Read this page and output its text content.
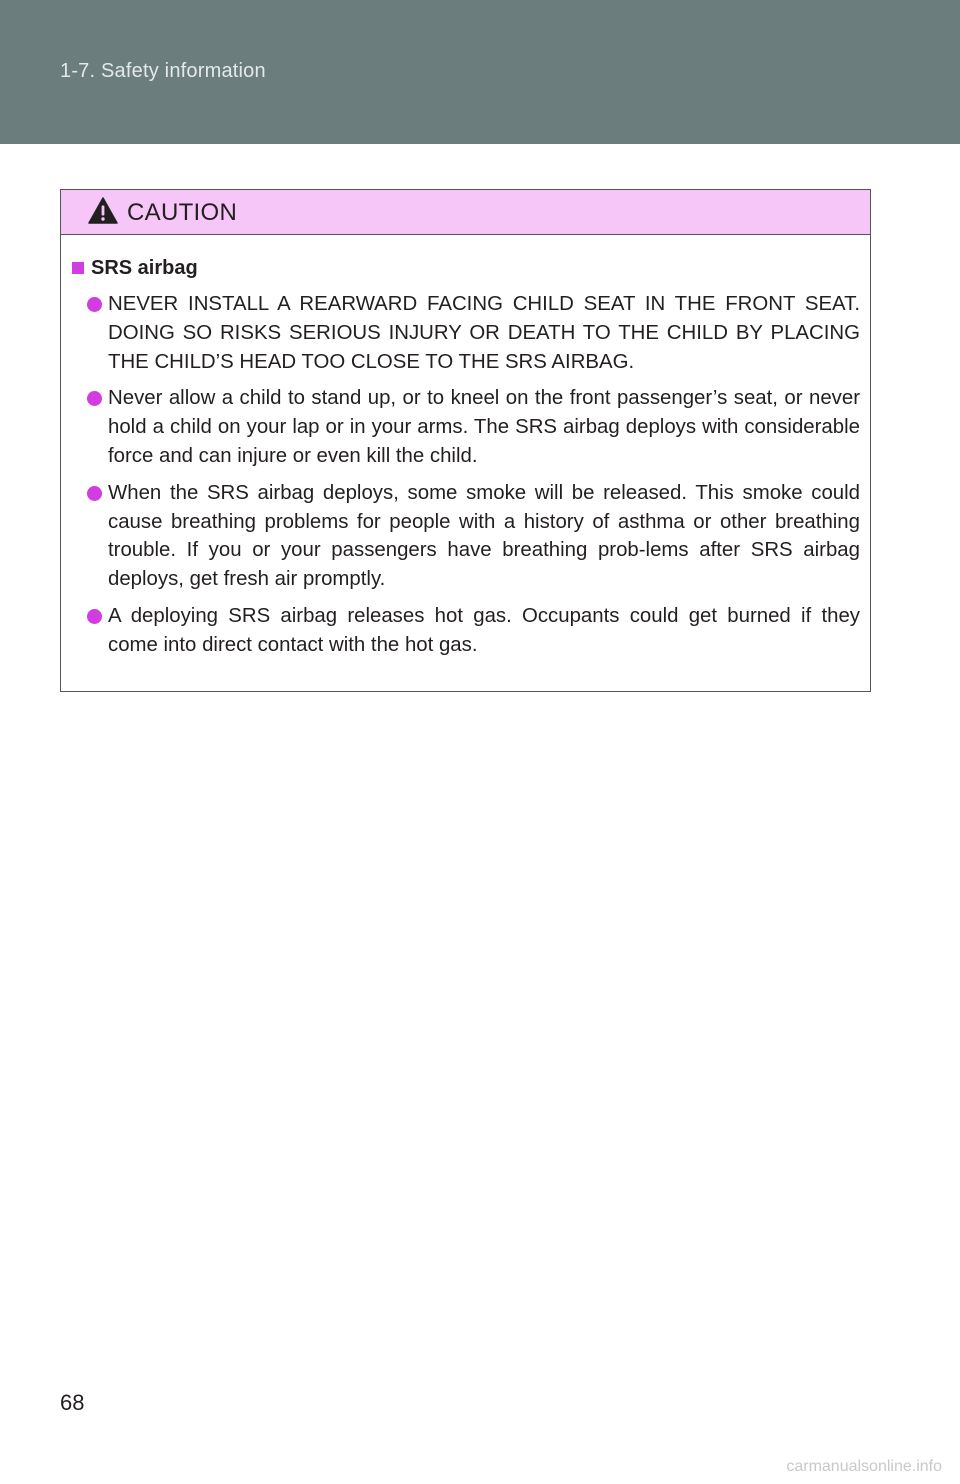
1-7. Safety information
CAUTION
SRS airbag
NEVER INSTALL A REARWARD FACING CHILD SEAT IN THE FRONT SEAT. DOING SO RISKS SERIOUS INJURY OR DEATH TO THE CHILD BY PLACING THE CHILD’S HEAD TOO CLOSE TO THE SRS AIRBAG.
Never allow a child to stand up, or to kneel on the front passenger’s seat, or never hold a child on your lap or in your arms. The SRS airbag deploys with considerable force and can injure or even kill the child.
When the SRS airbag deploys, some smoke will be released. This smoke could cause breathing problems for people with a history of asthma or other breathing trouble. If you or your passengers have breathing prob-lems after SRS airbag deploys, get fresh air promptly.
A deploying SRS airbag releases hot gas. Occupants could get burned if they come into direct contact with the hot gas.
68
carmanualsonline.info
